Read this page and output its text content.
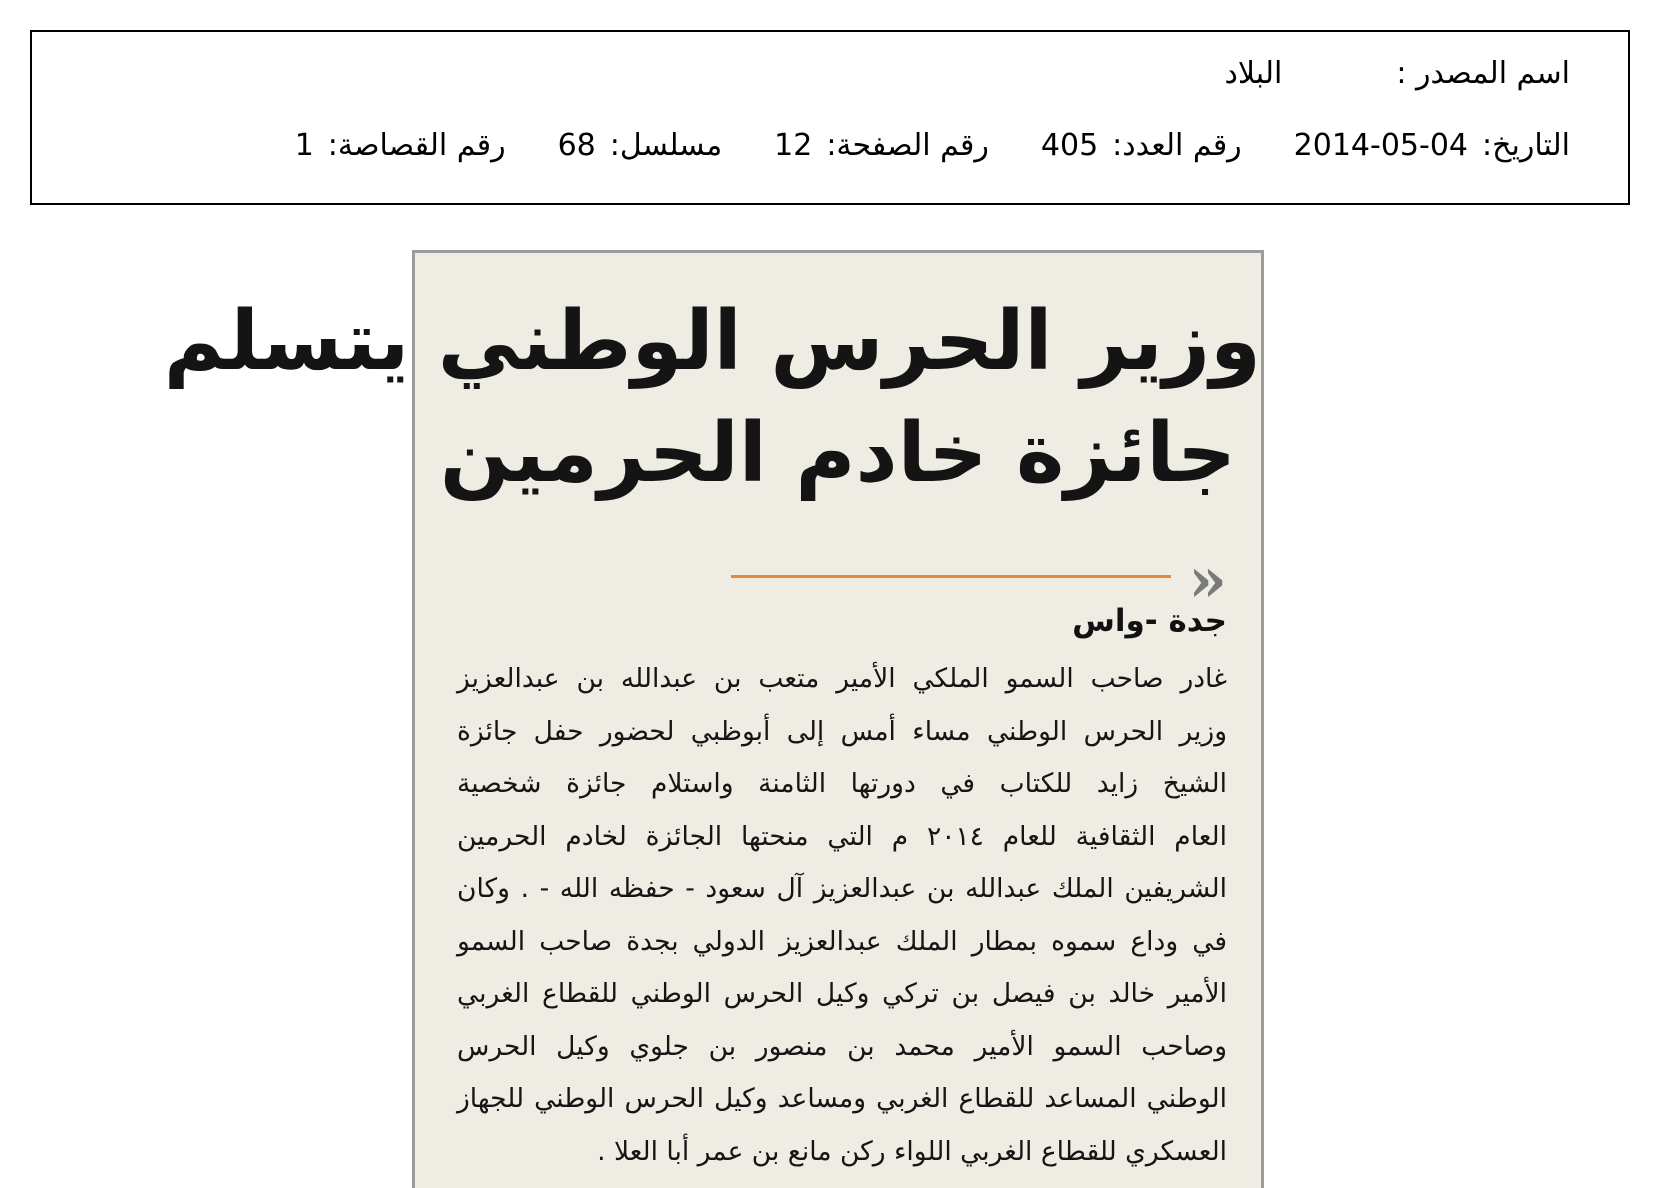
اسم المصدر :
البلاد
التاريخ:
2014-05-04
رقم العدد:
405
رقم الصفحة:
12
مسلسل:
68
رقم القصاصة:
1
وزير الحرس الوطني يتسلم
جائزة خادم الحرمين
«
جدة -واس
غادر صاحب السمو الملكي الأمير متعب بن عبدالله بن عبدالعزيز
وزير الحرس الوطني مساء أمس إلى أبوظبي لحضور حفل جائزة
الشيخ زايد للكتاب في دورتها الثامنة واستلام جائزة شخصية
العام الثقافية للعام ٢٠١٤ م التي منحتها الجائزة لخادم الحرمين
الشريفين الملك عبدالله بن عبدالعزيز آل سعود - حفظه الله - . وكان
في وداع سموه بمطار الملك عبدالعزيز الدولي بجدة صاحب السمو
الأمير خالد بن فيصل بن تركي وكيل الحرس الوطني للقطاع الغربي
وصاحب السمو الأمير محمد بن منصور بن جلوي وكيل الحرس
الوطني المساعد للقطاع الغربي ومساعد وكيل الحرس الوطني للجهاز
العسكري للقطاع الغربي اللواء ركن مانع بن عمر أبا العلا .
